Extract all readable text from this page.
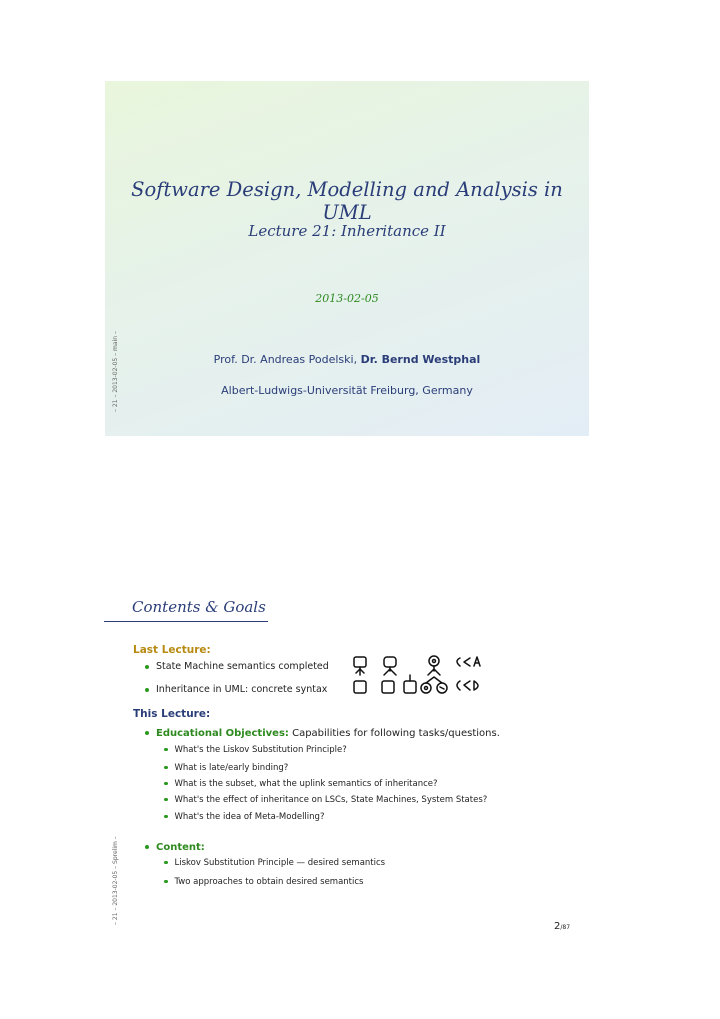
Software Design, Modelling and Analysis in UML
Lecture 21: Inheritance II
2013-02-05
Prof. Dr. Andreas Podelski, Dr. Bernd Westphal
Albert-Ludwigs-Universität Freiburg, Germany
– 21 – 2013-02-05 – main –
Contents & Goals
Last Lecture:
State Machine semantics completed
Inheritance in UML: concrete syntax
This Lecture:
Educational Objectives: Capabilities for following tasks/questions.
What's the Liskov Substitution Principle?
What is late/early binding?
What is the subset, what the uplink semantics of inheritance?
What's the effect of inheritance on LSCs, State Machines, System States?
What's the idea of Meta-Modelling?
Content:
Liskov Substitution Principle — desired semantics
Two approaches to obtain desired semantics
– 21 – 2013-02-05 – Sprelim –
2/87
